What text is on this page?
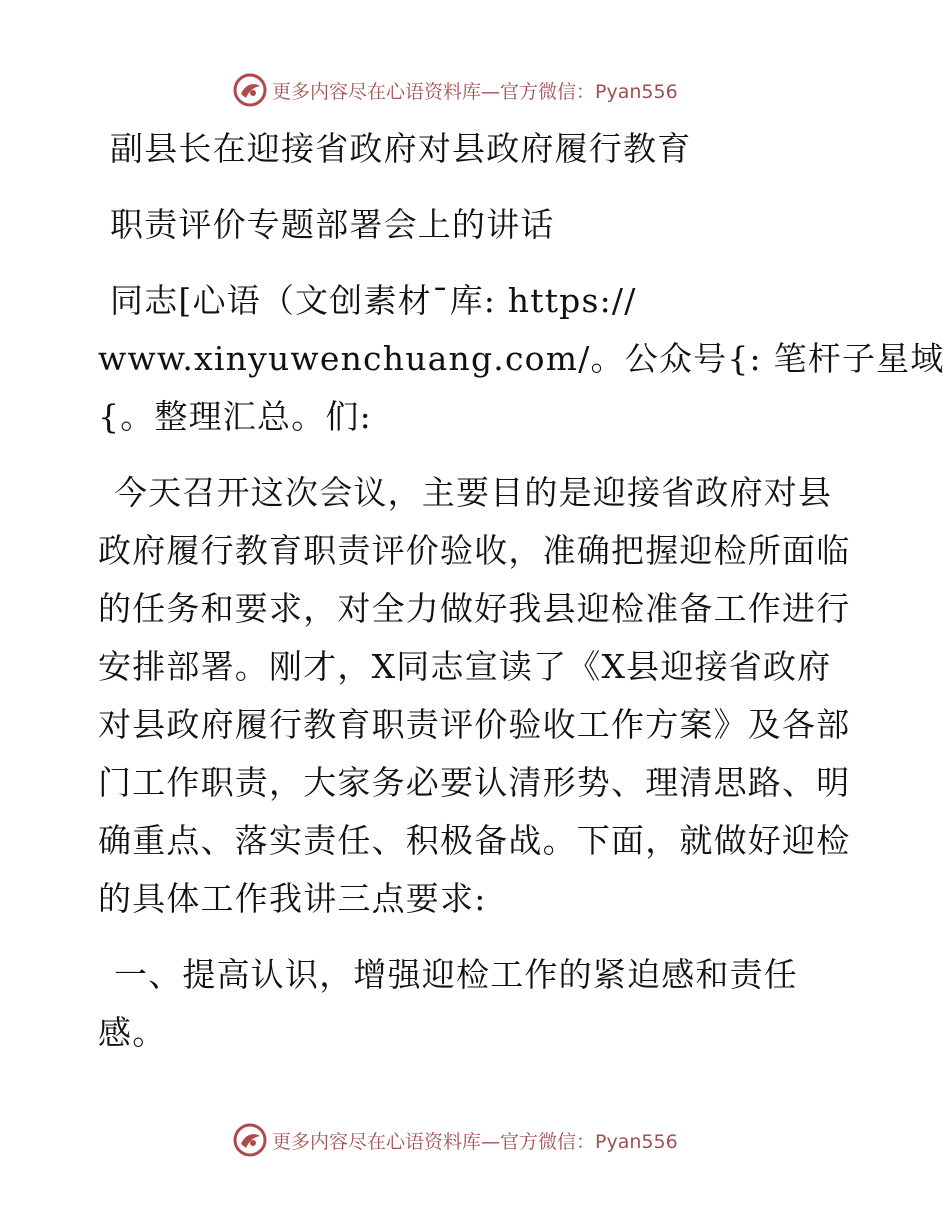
更多内容尽在心语资料库—官方微信：Pyan556
副县长在迎接省政府对县政府履行教育
职责评价专题部署会上的讲话
同志[心语（文创素材¯库: https://
www.xinyuwenchuang.com/。公众号{: 笔杆子星域
{。整理汇总。们:
今天召开这次会议，主要目的是迎接省政府对县
政府履行教育职责评价验收，准确把握迎检所面临
的任务和要求，对全力做好我县迎检准备工作进行
安排部署。刚才，X同志宣读了《X县迎接省政府
对县政府履行教育职责评价验收工作方案》及各部
门工作职责，大家务必要认清形势、理清思路、明
确重点、落实责任、积极备战。下面，就做好迎检
的具体工作我讲三点要求:
一、提高认识，增强迎检工作的紧迫感和责任
感。
更多内容尽在心语资料库—官方微信：Pyan556
